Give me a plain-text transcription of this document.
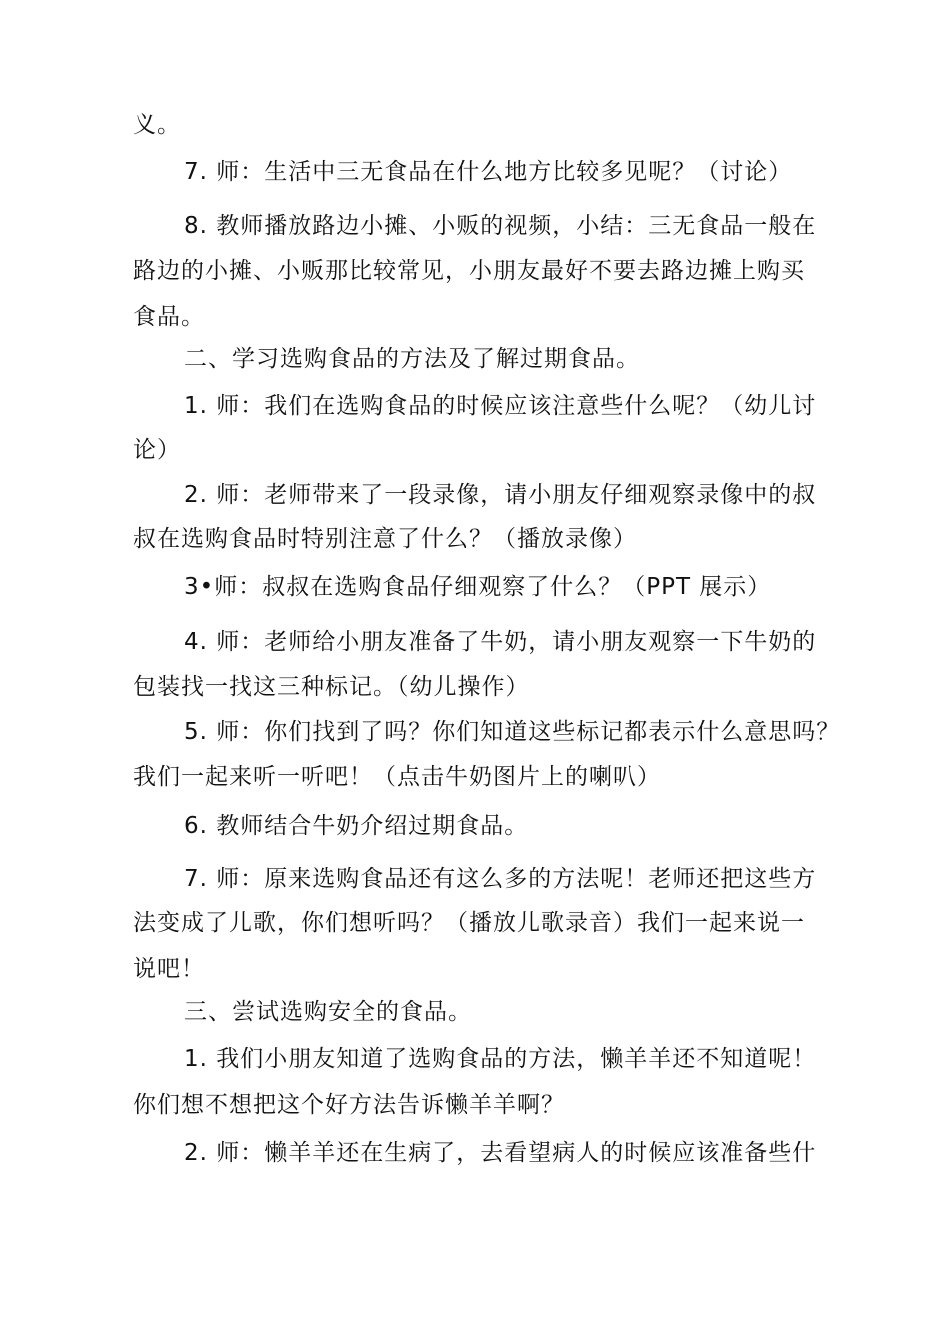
义。
7. 师：生活中三无食品在什么地方比较多见呢？（讨论）
8. 教师播放路边小摊、小贩的视频，小结：三无食品一般在
路边的小摊、小贩那比较常见，小朋友最好不要去路边摊上购买
食品。
二、学习选购食品的方法及了解过期食品。
1. 师：我们在选购食品的时候应该注意些什么呢？（幼儿讨
论）
2. 师：老师带来了一段录像，请小朋友仔细观察录像中的叔
叔在选购食品时特别注意了什么？（播放录像）
3•师：叔叔在选购食品仔细观察了什么？（PPT 展示）
4. 师：老师给小朋友准备了牛奶，请小朋友观察一下牛奶的
包装找一找这三种标记。（幼儿操作）
5. 师：你们找到了吗？你们知道这些标记都表示什么意思吗？
我们一起来听一听吧！（点击牛奶图片上的喇叭）
6. 教师结合牛奶介绍过期食品。
7. 师：原来选购食品还有这么多的方法呢！老师还把这些方
法变成了儿歌，你们想听吗？（播放儿歌录音）我们一起来说一
说吧！
三、尝试选购安全的食品。
1. 我们小朋友知道了选购食品的方法，懒羊羊还不知道呢！
你们想不想把这个好方法告诉懒羊羊啊？
2. 师：懒羊羊还在生病了，去看望病人的时候应该准备些什
